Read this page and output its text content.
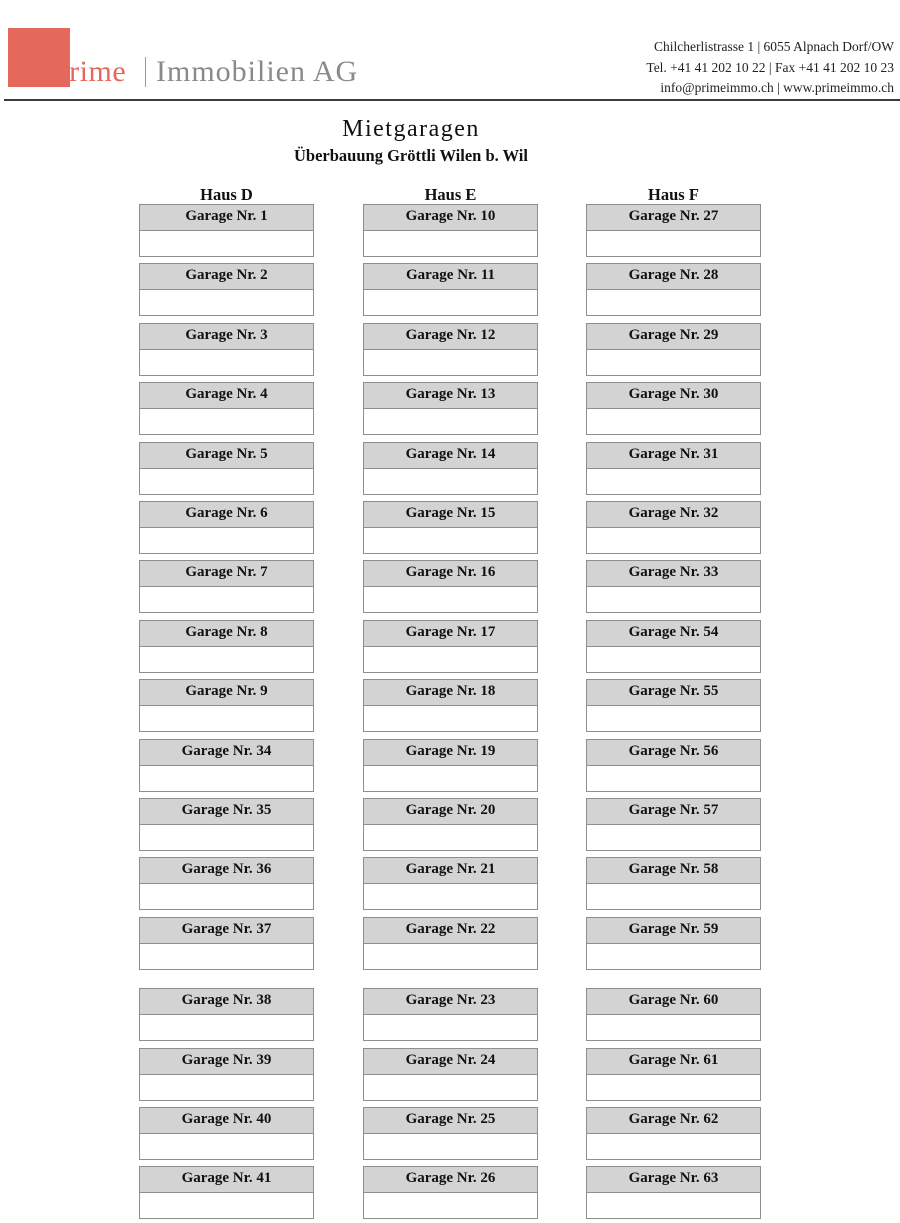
Prime Immobilien AG
Chilcherlistrasse 1 | 6055 Alpnach Dorf/OW
Tel. +41 41 202 10 22 | Fax +41 41 202 10 23
info@primeimmo.ch | www.primeimmo.ch
Mietgaragen
Überbauung Gröttli Wilen b. Wil
Haus D
Garage Nr. 1
Garage Nr. 2
Garage Nr. 3
Garage Nr. 4
Garage Nr. 5
Garage Nr. 6
Garage Nr. 7
Garage Nr. 8
Garage Nr. 9
Garage Nr. 34
Garage Nr. 35
Garage Nr. 36
Garage Nr. 37
Garage Nr. 38
Garage Nr. 39
Garage Nr. 40
Garage Nr. 41
Haus E
Garage Nr. 10
Garage Nr. 11
Garage Nr. 12
Garage Nr. 13
Garage Nr. 14
Garage Nr. 15
Garage Nr. 16
Garage Nr. 17
Garage Nr. 18
Garage Nr. 19
Garage Nr. 20
Garage Nr. 21
Garage Nr. 22
Garage Nr. 23
Garage Nr. 24
Garage Nr. 25
Garage Nr. 26
Haus F
Garage Nr. 27
Garage Nr. 28
Garage Nr. 29
Garage Nr. 30
Garage Nr. 31
Garage Nr. 32
Garage Nr. 33
Garage Nr. 54
Garage Nr. 55
Garage Nr. 56
Garage Nr. 57
Garage Nr. 58
Garage Nr. 59
Garage Nr. 60
Garage Nr. 61
Garage Nr. 62
Garage Nr. 63
